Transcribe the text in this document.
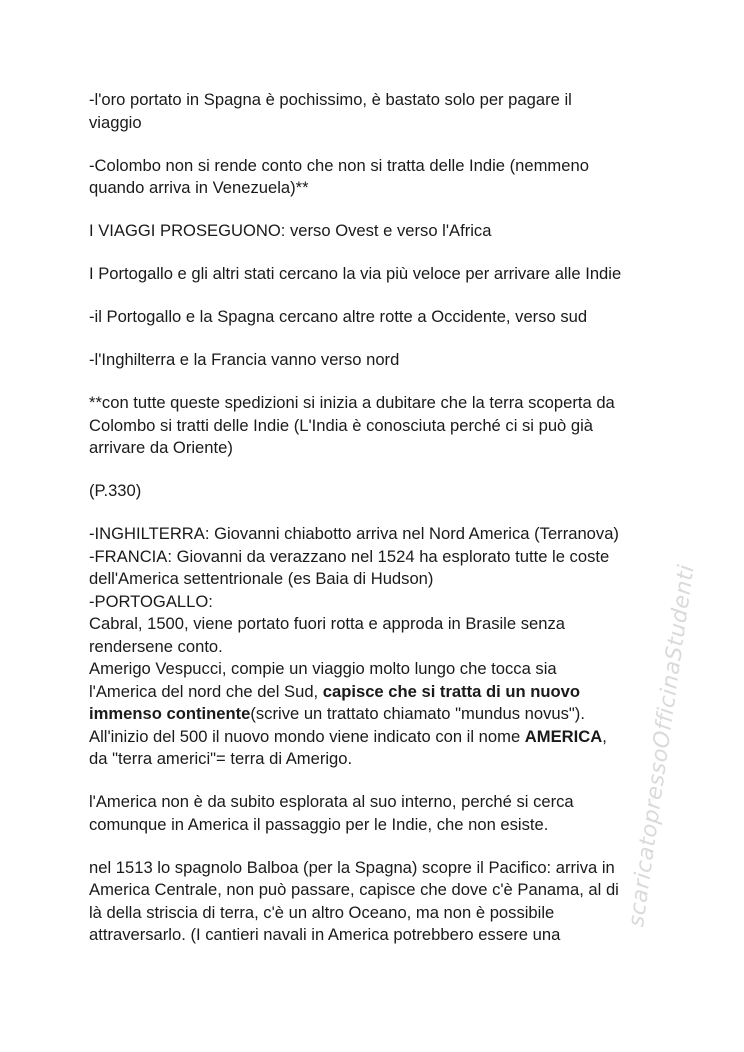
-l'oro portato in Spagna è pochissimo, è bastato solo per pagare il
viaggio
-Colombo non si rende conto che non si tratta delle Indie (nemmeno
quando arriva in Venezuela)**
I VIAGGI PROSEGUONO: verso Ovest e verso l'Africa
I Portogallo e gli altri stati cercano la via più veloce per arrivare alle Indie
-il Portogallo e la Spagna cercano altre rotte a Occidente, verso sud
-l'Inghilterra e la Francia vanno verso nord
**con tutte queste spedizioni si inizia a dubitare che la terra scoperta da
Colombo si tratti delle Indie (L'India è conosciuta perché ci si può già
arrivare da Oriente)
(P.330)
-INGHILTERRA: Giovanni chiabotto arriva nel Nord America (Terranova)
-FRANCIA: Giovanni da verazzano nel 1524 ha esplorato tutte le coste
dell'America settentrionale (es Baia di Hudson)
-PORTOGALLO:
Cabral, 1500, viene portato fuori rotta e approda in Brasile senza
rendersene conto.
Amerigo Vespucci, compie un viaggio molto lungo che tocca sia
l'America del nord che del Sud, capisce che si tratta di un nuovo
immenso continente(scrive un trattato chiamato "mundus novus").
All'inizio del 500 il nuovo mondo viene indicato con il nome AMERICA,
da "terra americi"= terra di Amerigo.
l'America non è da subito esplorata al suo interno, perché si cerca
comunque in America il passaggio per le Indie, che non esiste.
nel 1513 lo spagnolo Balboa (per la Spagna) scopre il Pacifico: arriva in
America Centrale, non può passare, capisce che dove c'è Panama, al di
là della striscia di terra, c'è un altro Oceano, ma non è possibile
attraversarlo. (I cantieri navali in America potrebbero essere una
scaricatopressoOfficinaStudenti
